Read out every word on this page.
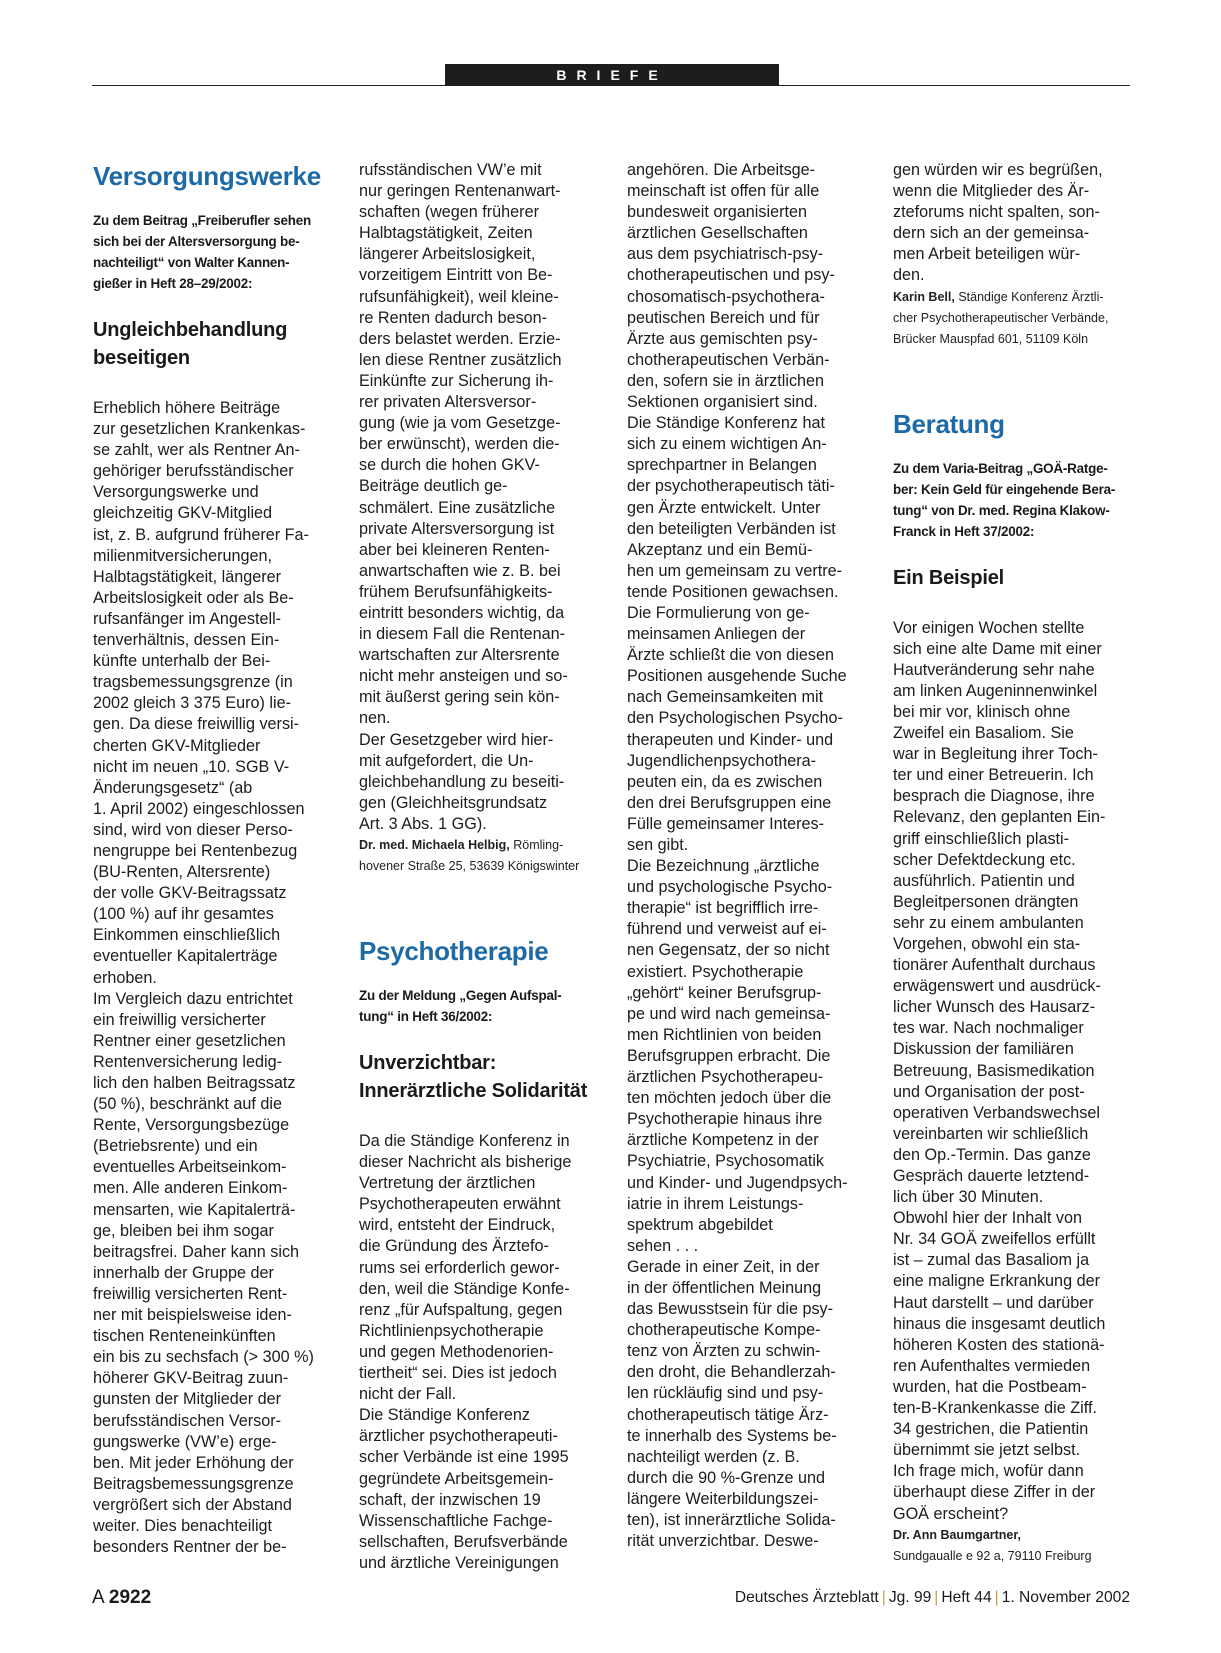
BRIEFE
Versorgungswerke

Zu dem Beitrag „Freiberufler sehen
sich bei der Altersversorgung be-
nachteiligt“ von Walter Kannen-
gießer in Heft 28–29/2002:

Ungleichbehandlung
beseitigen

Erheblich höhere Beiträge
zur gesetzlichen Krankenkas-
se zahlt, wer als Rentner An-
gehöriger berufsständischer
Versorgungswerke und
gleichzeitig GKV-Mitglied
ist, z. B. aufgrund früherer Fa-
milienmitversicherungen,
Halbtagstätigkeit, längerer
Arbeitslosigkeit oder als Be-
rufsanfänger im Angestell-
tenverhältnis, dessen Ein-
künfte unterhalb der Bei-
tragsbemessungsgrenze (in
2002 gleich 3 375 Euro) lie-
gen. Da diese freiwillig versi-
cherten GKV-Mitglieder
nicht im neuen „10. SGB V-
Änderungsgesetz“ (ab
1. April 2002) eingeschlossen
sind, wird von dieser Perso-
nengruppe bei Rentenbezug
(BU-Renten, Altersrente)
der volle GKV-Beitragssatz
(100 %) auf ihr gesamtes
Einkommen einschließlich
eventueller Kapitalerträge
erhoben.
Im Vergleich dazu entrichtet
ein freiwillig versicherter
Rentner einer gesetzlichen
Rentenversicherung ledig-
lich den halben Beitragssatz
(50 %), beschränkt auf die
Rente, Versorgungsbezüge
(Betriebsrente) und ein
eventuelles Arbeitseinkom-
men. Alle anderen Einkom-
mensarten, wie Kapitalerträ-
ge, bleiben bei ihm sogar
beitragsfrei. Daher kann sich
innerhalb der Gruppe der
freiwillig versicherten Rent-
ner mit beispielsweise iden-
tischen Renteneinkünften
ein bis zu sechsfach (> 300 %)
höherer GKV-Beitrag zuun-
gunsten der Mitglieder der
berufsständischen Versor-
gungswerke (VW’e) erge-
ben. Mit jeder Erhöhung der
Beitragsbemessungsgrenze
vergrößert sich der Abstand
weiter. Dies benachteiligt
besonders Rentner der be-

rufsständischen VW’e mit
nur geringen Rentenanwart-
schaften (wegen früherer
Halbtagstätigkeit, Zeiten
längerer Arbeitslosigkeit,
vorzeitigem Eintritt von Be-
rufsunfähigkeit), weil kleine-
re Renten dadurch beson-
ders belastet werden. Erzie-
len diese Rentner zusätzlich
Einkünfte zur Sicherung ih-
rer privaten Altersversor-
gung (wie ja vom Gesetzge-
ber erwünscht), werden die-
se durch die hohen GKV-
Beiträge deutlich ge-
schmälert. Eine zusätzliche
private Altersversorgung ist
aber bei kleineren Renten-
anwartschaften wie z. B. bei
frühem Berufsunfähigkeits-
eintritt besonders wichtig, da
in diesem Fall die Rentenan-
wartschaften zur Altersrente
nicht mehr ansteigen und so-
mit äußerst gering sein kön-
nen.
Der Gesetzgeber wird hier-
mit aufgefordert, die Un-
gleichbehandlung zu beseiti-
gen (Gleichheitsgrundsatz
Art. 3 Abs. 1 GG).

Dr. med. Michaela Helbig, Römling-
hovener Straße 25, 53639 Königswinter

Psychotherapie

Zu der Meldung „Gegen Aufspal-
tung“ in Heft 36/2002:

Unverzichtbar:
Innerärztliche Solidarität

Da die Ständige Konferenz in
dieser Nachricht als bisherige
Vertretung der ärztlichen
Psychotherapeuten erwähnt
wird, entsteht der Eindruck,
die Gründung des Ärztefo-
rums sei erforderlich gewor-
den, weil die Ständige Konfe-
renz „für Aufspaltung, gegen
Richtlinienpsychotherapie
und gegen Methodenorien-
tiertheit“ sei. Dies ist jedoch
nicht der Fall.
Die Ständige Konferenz
ärztlicher psychotherapeuti-
scher Verbände ist eine 1995
gegründete Arbeitsgemein-
schaft, der inzwischen 19
Wissenschaftliche Fachge-
sellschaften, Berufsverbände
und ärztliche Vereinigungen

angehören. Die Arbeitsge-
meinschaft ist offen für alle
bundesweit organisierten
ärztlichen Gesellschaften
aus dem psychiatrisch-psy-
chotherapeutischen und psy-
chosomatisch-psychothera-
peutischen Bereich und für
Ärzte aus gemischten psy-
chotherapeutischen Verbän-
den, sofern sie in ärztlichen
Sektionen organisiert sind.
Die Ständige Konferenz hat
sich zu einem wichtigen An-
sprechpartner in Belangen
der psychotherapeutisch täti-
gen Ärzte entwickelt. Unter
den beteiligten Verbänden ist
Akzeptanz und ein Bemü-
hen um gemeinsam zu vertre-
tende Positionen gewachsen.
Die Formulierung von ge-
meinsamen Anliegen der
Ärzte schließt die von diesen
Positionen ausgehende Suche
nach Gemeinsamkeiten mit
den Psychologischen Psycho-
therapeuten und Kinder- und
Jugendlichenpsychothera-
peuten ein, da es zwischen
den drei Berufsgruppen eine
Fülle gemeinsamer Interes-
sen gibt.
Die Bezeichnung „ärztliche
und psychologische Psycho-
therapie“ ist begrifflich irre-
führend und verweist auf ei-
nen Gegensatz, der so nicht
existiert. Psychotherapie
„gehört“ keiner Berufsgrup-
pe und wird nach gemeinsa-
men Richtlinien von beiden
Berufsgruppen erbracht. Die
ärztlichen Psychotherapeu-
ten möchten jedoch über die
Psychotherapie hinaus ihre
ärztliche Kompetenz in der
Psychiatrie, Psychosomatik
und Kinder- und Jugendpsych-
iatrie in ihrem Leistungs-
spektrum abgebildet
sehen . . .
Gerade in einer Zeit, in der
in der öffentlichen Meinung
das Bewusstsein für die psy-
chotherapeutische Kompe-
tenz von Ärzten zu schwin-
den droht, die Behandlerzah-
len rückläufig sind und psy-
chotherapeutisch tätige Ärz-
te innerhalb des Systems be-
nachteiligt werden (z. B.
durch die 90 %-Grenze und
längere Weiterbildungszei-
ten), ist innerärztliche Solida-
rität unverzichtbar. Deswe-

gen würden wir es begrüßen,
wenn die Mitglieder des Är-
zteforums nicht spalten, son-
dern sich an der gemeinsa-
men Arbeit beteiligen wür-
den.

Karin Bell, Ständige Konferenz Ärztli-
cher Psychotherapeutischer Verbände,
Brücker Mauspfad 601, 51109 Köln

Beratung

Zu dem Varia-Beitrag „GOÄ-Ratge-
ber: Kein Geld für eingehende Bera-
tung“ von Dr. med. Regina Klakow-
Franck in Heft 37/2002:

Ein Beispiel

Vor einigen Wochen stellte
sich eine alte Dame mit einer
Hautveränderung sehr nahe
am linken Augeninnenwinkel
bei mir vor, klinisch ohne
Zweifel ein Basaliom. Sie
war in Begleitung ihrer Toch-
ter und einer Betreuerin. Ich
besprach die Diagnose, ihre
Relevanz, den geplanten Ein-
griff einschließlich plasti-
scher Defektdeckung etc.
ausführlich. Patientin und
Begleitpersonen drängten
sehr zu einem ambulanten
Vorgehen, obwohl ein sta-
tionärer Aufenthalt durchaus
erwägenswert und ausdrück-
licher Wunsch des Hausarz-
tes war. Nach nochmaliger
Diskussion der familiären
Betreuung, Basismedikation
und Organisation der post-
operativen Verbandswechsel
vereinbarten wir schließlich
den Op.-Termin. Das ganze
Gespräch dauerte letztend-
lich über 30 Minuten.
Obwohl hier der Inhalt von
Nr. 34 GOÄ zweifellos erfüllt
ist – zumal das Basaliom ja
eine maligne Erkrankung der
Haut darstellt – und darüber
hinaus die insgesamt deutlich
höheren Kosten des stationä-
ren Aufenthaltes vermieden
wurden, hat die Postbeam-
ten-B-Krankenkasse die Ziff.
34 gestrichen, die Patientin
übernimmt sie jetzt selbst.
Ich frage mich, wofür dann
überhaupt diese Ziffer in der
GOÄ erscheint?

Dr. Ann Baumgartner,
Sundgaualle e 92 a, 79110 Freiburg

A 2922	Deutsches Ärzteblatt | Jg. 99 | Heft 44 | 1. November 2002
